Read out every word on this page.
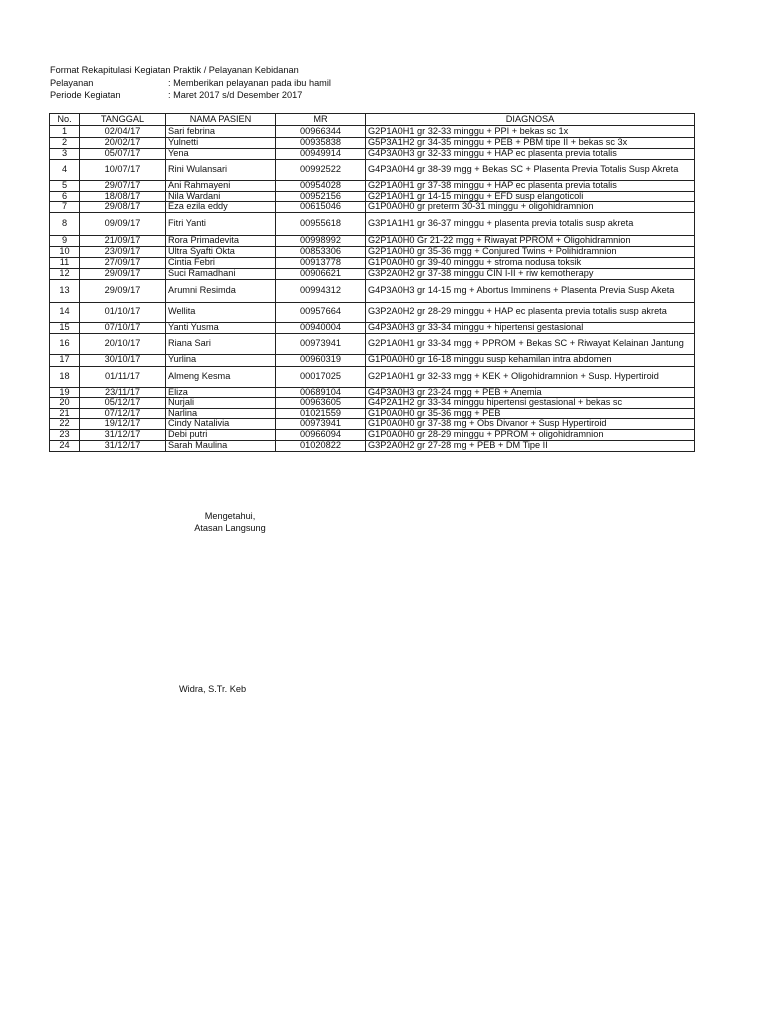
Format Rekapitulasi Kegiatan Praktik / Pelayanan Kebidanan
Pelayanan	: Memberikan pelayanan pada ibu hamil
Periode Kegiatan	: Maret 2017 s/d Desember 2017
No.	TANGGAL	NAMA PASIEN	MR	DIAGNOSA
1	02/04/17	Sari febrina	00966344	G2P1A0H1 gr 32-33 minggu + PPI + bekas sc 1x
2	20/02/17	Yulnetti	00935838	G5P3A1H2 gr 34-35 minggu + PEB + PBM tipe II + bekas sc 3x
3	05/07/17	Yena	00949914	G4P3A0H3 gr 32-33 minggu + HAP ec plasenta previa totalis
4	10/07/17	Rini Wulansari	00992522	G4P3A0H4 gr 38-39 mgg + Bekas SC + Plasenta Previa Totalis Susp Akreta
5	29/07/17	Ani Rahmayeni	00954028	G2P1A0H1 gr 37-38 minggu + HAP ec plasenta previa totalis
6	18/08/17	Nila Wardani	00952156	G2P1A0H1 gr 14-15 minggu + EFD susp elangoticoli
7	29/08/17	Eza ezila eddy	00615046	G1P0A0H0 gr preterm 30-31 minggu + oligohidramnion
8	09/09/17	Fitri Yanti	00955618	G3P1A1H1 gr 36-37 minggu + plasenta previa totalis susp akreta
9	21/09/17	Rora Primadevita	00998992	G2P1A0H0 Gr 21-22 mgg + Riwayat PPROM + Oligohidramnion
10	23/09/17	Ultra Syafti Okta	00853306	G2P1A0H0 gr 35-36 mgg + Conjured Twins + Polihidramnion
11	27/09/17	Cintia Febri	00913778	G1P0A0H0 gr 39-40 minggu + stroma nodusa toksik
12	29/09/17	Suci Ramadhani	00906621	G3P2A0H2 gr 37-38 minggu CIN I-II + riw kemotherapy
13	29/09/17	Arumni Resimda	00994312	G4P3A0H3 gr 14-15 mg + Abortus Imminens + Plasenta Previa Susp Aketa
14	01/10/17	Wellita	00957664	G3P2A0H2 gr 28-29 minggu + HAP ec plasenta previa totalis susp akreta
15	07/10/17	Yanti Yusma	00940004	G4P3A0H3 gr 33-34 minggu + hipertensi gestasional
16	20/10/17	Riana Sari	00973941	G2P1A0H1 gr 33-34 mgg + PPROM + Bekas SC + Riwayat Kelainan Jantung
17	30/10/17	Yurlina	00960319	G1P0A0H0 gr 16-18 minggu susp kehamilan intra abdomen
18	01/11/17	Almeng Kesma	00017025	G2P1A0H1 gr 32-33 mgg + KEK + Oligohidramnion + Susp. Hypertiroid
19	23/11/17	Eliza	00689104	G4P3A0H3 gr 23-24 mgg + PEB + Anemia
20	05/12/17	Nurjali	00963605	G4P2A1H2 gr 33-34 minggu hipertensi gestasional + bekas sc
21	07/12/17	Narlina	01021559	G1P0A0H0 gr 35-36 mgg + PEB
22	19/12/17	Cindy Natalivia	00973941	G1P0A0H0 gr 37-38 mg + Obs Divanor + Susp Hypertiroid
23	31/12/17	Debi putri	00966094	G1P0A0H0 gr 28-29 minggu + PPROM + oligohidramnion
24	31/12/17	Sarah Maulina	01020822	G3P2A0H2 gr 27-28 mg + PEB + DM Tipe II
Mengetahui,
Atasan Langsung
Widra, S.Tr. Keb
